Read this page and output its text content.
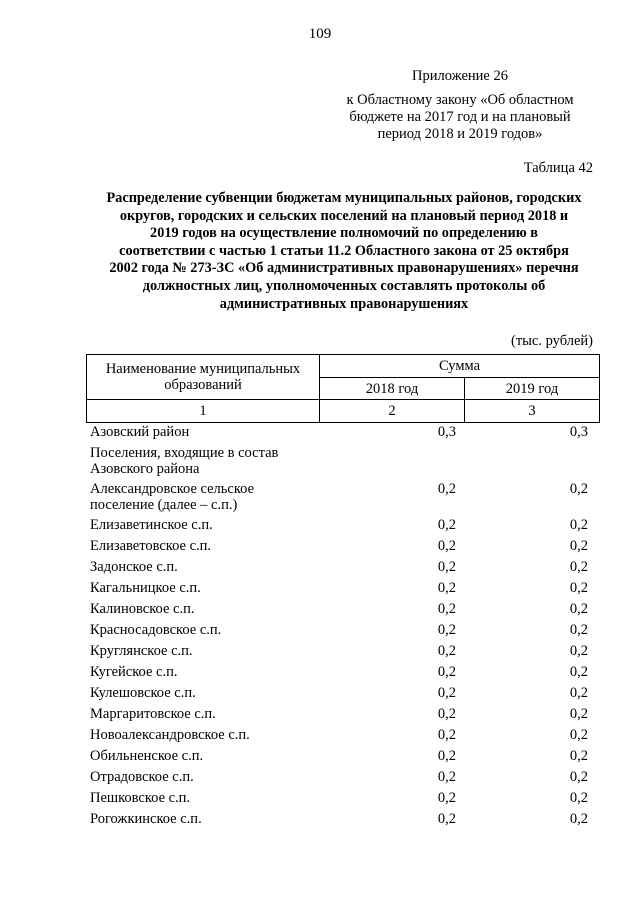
109
Приложение 26
к Областному закону «Об областном
бюджете на 2017 год и на плановый
период 2018 и 2019 годов»
Таблица 42
Распределение субвенции бюджетам муниципальных районов, городских
округов, городских и сельских поселений на плановый период 2018 и
2019 годов на осуществление полномочий по определению в
соответствии с частью 1 статьи 11.2 Областного закона от 25 октября
2002 года № 273-ЗС «Об административных правонарушениях» перечня
должностных лиц, уполномоченных составлять протоколы об
административных правонарушениях
(тыс. рублей)
Наименование муниципальных
образований	Сумма	
	2018 год	2019 год
1	2	3
Азовский район	0,3	0,3
Поселения, входящие в состав
Азовского района
Александровское сельское
поселение (далее – с.п.)
0,2	0,2
Елизаветинское с.п.	0,2	0,2
Елизаветовское с.п.	0,2	0,2
Задонское с.п.	0,2	0,2
Кагальницкое с.п.	0,2	0,2
Калиновское с.п.	0,2	0,2
Красносадовское с.п.	0,2	0,2
Круглянское с.п.	0,2	0,2
Кугейское с.п.	0,2	0,2
Кулешовское с.п.	0,2	0,2
Маргаритовское с.п.	0,2	0,2
Новоалександровское с.п.	0,2	0,2
Обильненское с.п.	0,2	0,2
Отрадовское с.п.	0,2	0,2
Пешковское с.п.	0,2	0,2
Рогожкинское с.п.	0,2	0,2
